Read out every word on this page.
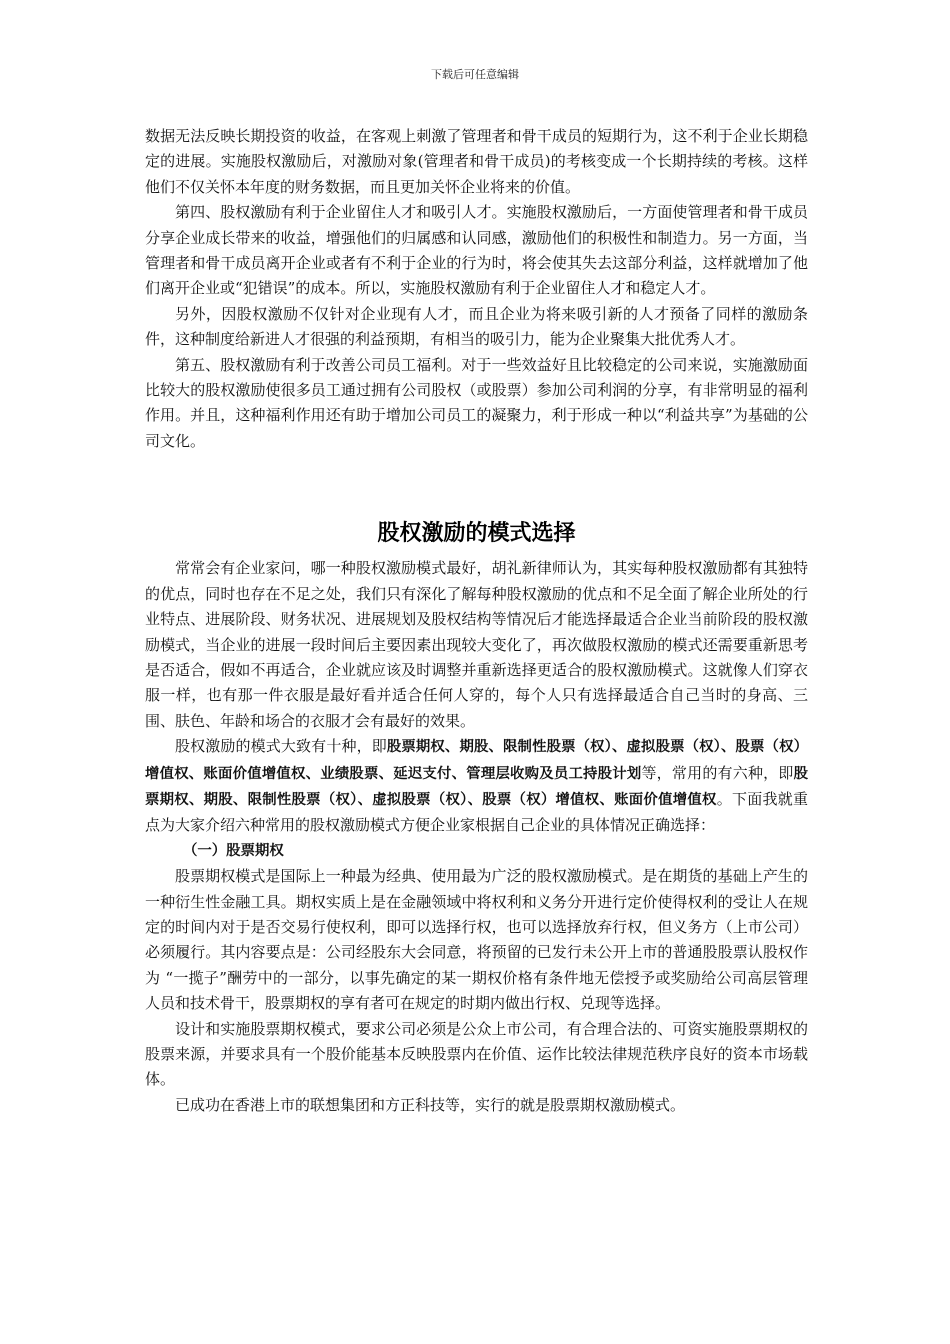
下载后可任意编辑

数据无法反映长期投资的收益，在客观上刺激了管理者和骨干成员的短期行为，这不利于企业长期稳定的进展。实施股权激励后，对激励对象(管理者和骨干成员)的考核变成一个长期持续的考核。这样他们不仅关怀本年度的财务数据，而且更加关怀企业将来的价值。

第四、股权激励有利于企业留住人才和吸引人才。实施股权激励后，一方面使管理者和骨干成员分享企业成长带来的收益，增强他们的归属感和认同感，激励他们的积极性和制造力。另一方面，当管理者和骨干成员离开企业或者有不利于企业的行为时，将会使其失去这部分利益，这样就增加了他们离开企业或“犯错误”的成本。所以，实施股权激励有利于企业留住人才和稳定人才。

另外，因股权激励不仅针对企业现有人才，而且企业为将来吸引新的人才预备了同样的激励条件，这种制度给新进人才很强的利益预期，有相当的吸引力，能为企业聚集大批优秀人才。

第五、股权激励有利于改善公司员工福利。对于一些效益好且比较稳定的公司来说，实施激励面比较大的股权激励使很多员工通过拥有公司股权（或股票）参加公司利润的分享，有非常明显的福利作用。并且，这种福利作用还有助于增加公司员工的凝聚力，利于形成一种以“利益共享”为基础的公司文化。

股权激励的模式选择

常常会有企业家问，哪一种股权激励模式最好，胡礼新律师认为，其实每种股权激励都有其独特的优点，同时也存在不足之处，我们只有深化了解每种股权激励的优点和不足全面了解企业所处的行业特点、进展阶段、财务状况、进展规划及股权结构等情况后才能选择最适合企业当前阶段的股权激励模式，当企业的进展一段时间后主要因素出现较大变化了，再次做股权激励的模式还需要重新思考是否适合，假如不再适合，企业就应该及时调整并重新选择更适合的股权激励模式。这就像人们穿衣服一样，也有那一件衣服是最好看并适合任何人穿的，每个人只有选择最适合自己当时的身高、三围、肤色、年龄和场合的衣服才会有最好的效果。

股权激励的模式大致有十种，即股票期权、期股、限制性股票（权）、虚拟股票（权）、股票（权）增值权、账面价值增值权、业绩股票、延迟支付、管理层收购及员工持股计划等，常用的有六种，即股票期权、期股、限制性股票（权）、虚拟股票（权）、股票（权）增值权、账面价值增值权。下面我就重点为大家介绍六种常用的股权激励模式方便企业家根据自己企业的具体情况正确选择：

（一）股票期权

股票期权模式是国际上一种最为经典、使用最为广泛的股权激励模式。是在期货的基础上产生的一种衍生性金融工具。期权实质上是在金融领域中将权利和义务分开进行定价使得权利的受让人在规定的时间内对于是否交易行使权利，即可以选择行权，也可以选择放弃行权，但义务方（上市公司）必须履行。其内容要点是：公司经股东大会同意，将预留的已发行未公开上市的普通股股票认股权作为 “一揽子”酬劳中的一部分，以事先确定的某一期权价格有条件地无偿授予或奖励给公司高层管理人员和技术骨干，股票期权的享有者可在规定的时期内做出行权、兑现等选择。

设计和实施股票期权模式，要求公司必须是公众上市公司，有合理合法的、可资实施股票期权的股票来源，并要求具有一个股价能基本反映股票内在价值、运作比较法律规范秩序良好的资本市场载体。

已成功在香港上市的联想集团和方正科技等，实行的就是股票期权激励模式。
